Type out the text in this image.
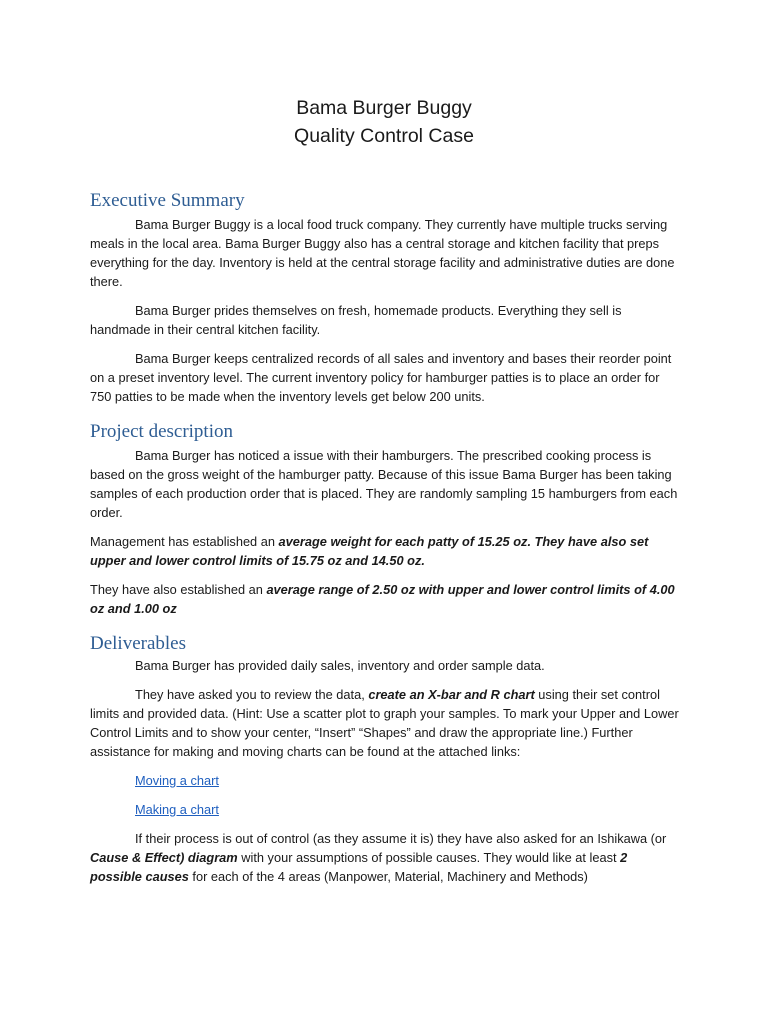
Bama Burger Buggy
Quality Control Case
Executive Summary

Bama Burger Buggy is a local food truck company. They currently have multiple trucks serving meals in the local area. Bama Burger Buggy also has a central storage and kitchen facility that preps everything for the day. Inventory is held at the central storage facility and administrative duties are done there.

Bama Burger prides themselves on fresh, homemade products. Everything they sell is handmade in their central kitchen facility.

Bama Burger keeps centralized records of all sales and inventory and bases their reorder point on a preset inventory level. The current inventory policy for hamburger patties is to place an order for 750 patties to be made when the inventory levels get below 200 units.

Project description

Bama Burger has noticed a issue with their hamburgers. The prescribed cooking process is based on the gross weight of the hamburger patty. Because of this issue Bama Burger has been taking samples of each production order that is placed. They are randomly sampling 15 hamburgers from each order.

Management has established an average weight for each patty of 15.25 oz. They have also set upper and lower control limits of 15.75 oz and 14.50 oz.

They have also established an average range of 2.50 oz with upper and lower control limits of 4.00 oz and 1.00 oz

Deliverables

Bama Burger has provided daily sales, inventory and order sample data.

They have asked you to review the data, create an X-bar and R chart using their set control limits and provided data. (Hint: Use a scatter plot to graph your samples. To mark your Upper and Lower Control Limits and to show your center, “Insert” “Shapes” and draw the appropriate line.) Further assistance for making and moving charts can be found at the attached links:

Moving a chart

Making a chart

If their process is out of control (as they assume it is) they have also asked for an Ishikawa (or Cause & Effect) diagram with your assumptions of possible causes. They would like at least 2 possible causes for each of the 4 areas (Manpower, Material, Machinery and Methods)
